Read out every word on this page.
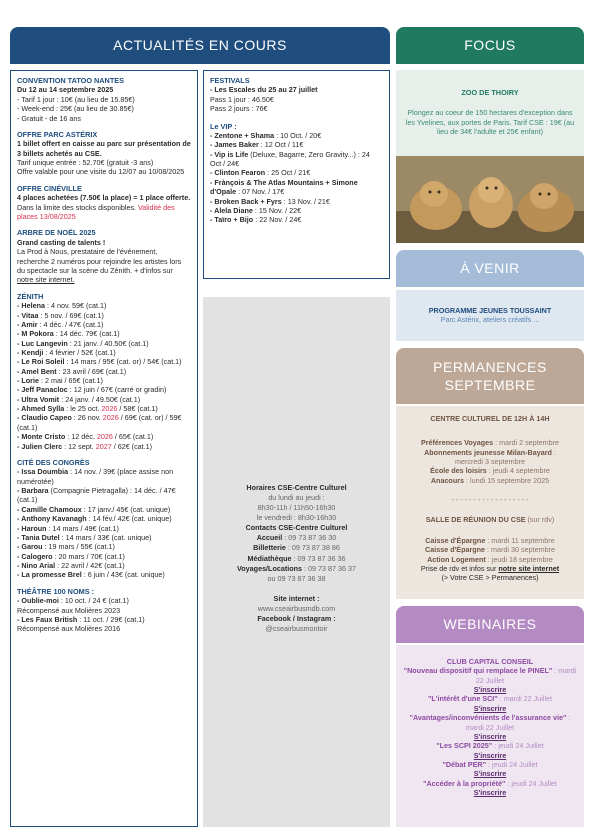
ACTUALITÉS EN COURS	FOCUS
CONVENTION TATOO NANTES
Du 12 au 14 septembre 2025
- Tarif 1 jour : 10€ (au lieu de 15.85€)
- Week-end : 25€ (au lieu de 30.85€)
- Gratuit - de 16 ans
OFFRE PARC ASTÉRIX
1 billet offert en caisse au parc sur présentation de 3 billets achetés au CSE.
Tarif unique entrée : 52.70€ (gratuit -3 ans)
Offre valable pour une visite du 12/07 au 10/08/2025
OFFRE CINÉVILLE
4 places achetées (7.50€ la place) = 1 place offerte. Dans la limite des stocks disponibles. Validité des places 13/08/2025
ARBRE DE NOËL 2025
Grand casting de talents !
La Prod à Nous, prestataire de l'événement, recherche 2 numéros pour rejoindre les artistes lors du spectacle sur la scène du Zénith. + d'infos sur notre site internet.
ZÉNITH
- Helena : 4 nov. 59€ (cat.1)
- Vitaa : 5 nov. / 69€ (cat.1)
- Amir : 4 déc. / 47€ (cat.1)
- M Pokora : 14 déc. 79€ (cat.1)
- Luc Langevin : 21 janv. / 40.50€ (cat.1)
- Kendji : 4 février / 52€ (cat.1)
- Le Roi Soleil : 14 mars / 95€ (cat. or) / 54€ (cat.1)
- Amel Bent : 23 avril / 69€ (cat.1)
- Lorie : 2 mai / 65€ (cat.1)
- Jeff Panacloc : 12 juin / 67€ (carré or gradin)
- Ultra Vomit : 24 janv. / 49.50€ (cat.1)
- Ahmed Sylla : le 25 oct. 2026 / 58€ (cat.1)
- Claudio Capeo : 26 nov. 2026 / 69€ (cat. or) / 59€ (cat.1)
- Monte Cristo : 12 déc. 2026 / 65€ (cat.1)
- Julien Clerc : 12 sept. 2027 / 62€ (cat.1)
CITÉ DES CONGRÈS
- Issa Doumbia : 14 nov. / 39€ (place assise non numérotée)
- Barbara (Compagnie Pietragalla) : 14 déc. / 47€ (cat.1)
- Camille Chamoux : 17 janv./ 45€ (cat. unique)
- Anthony Kavanagh : 14 fév./ 42€ (cat. unique)
- Haroun : 14 mars / 49€ (cat.1)
- Tania Dutel : 14 mars / 33€ (cat. unique)
- Garou : 19 mars / 55€ (cat.1)
- Calogero : 20 mars / 70€ (cat.1)
- Nino Arial : 22 avril / 42€ (cat.1)
- La promesse Brel : 6 juin / 43€ (cat. unique)
THÉÂTRE 100 NOMS :
- Oublie-moi : 10 oct. / 24 € (cat.1)
Récompensé aux Molières 2023
- Les Faux British : 11 oct. / 29€ (cat.1)
Récompensé aux Molières 2016
FESTIVALS
- Les Escales du 25 au 27 juillet
Pass 1 jour : 46.50€
Pass 2 jours : 76€
Le VIP :
- Zentone + Shama : 10 Oct. / 20€
- James Baker : 12 Oct / 11€
- Vip is Life (Deluxe, Bagarre, Zero Gravity...) : 24 Oct / 24€
- Clinton Fearon : 25 Oct / 21€
- Frànçois & The Atlas Mountains + Simone d'Opale : 07 Nov. / 17€
- Broken Back + Fyrs : 13 Nov. / 21€
- Alela Diane : 15 Nov. / 22€
- Taïro + Bijo : 22 Nov. / 24€
Horaires CSE-Centre Culturel
du lundi au jeudi :
8h30-11h / 11h50-16h30
le vendredi : 8h30-16h30
Contacts CSE-Centre Culturel
Accueil : 09 73 87 36 30
Billetterie : 09 73 87 38 86
Médiathèque : 09 73 87 36 36
Voyages/Locations : 09 73 87 36 37
ou 09 73 87 36 38
Site internet :
www.cseairbusmdb.com
Facebook / Instagram :
@cseairbusmontoir
ZOO DE THOIRY
Plongez au coeur de 150 hectares d'exception dans les Yvelines, aux portes de Paris. Tarif CSE : 19€ (au lieu de 34€ l'adulte et 25€ enfant)
À VENIR
PROGRAMME JEUNES TOUSSAINT
Parc Astérix, ateliers créatifs ...
PERMANENCES
SEPTEMBRE
CENTRE CULTUREL DE 12H À 14H
Préférences Voyages : mardi 2 septembre
Abonnements jeunesse Milan-Bayard :
mercredi 3 septembre
École des loisirs : jeudi 4 septembre
Anacours : lundi 15 septembre 2025
- - - - - - - - - - - - - - - - - -
SALLE DE RÉUNION DU CSE (sur rdv)
Caisse d'Épargne : mardi 11 septembre
Caisse d'Épargne : mardi 30 septembre
Action Logement : jeudi 18 septembre
Prise de rdv et infos sur notre site internet
(> Votre CSE > Permanences)
WEBINAIRES
CLUB CAPITAL CONSEIL
"Nouveau dispositif qui remplace le PINEL" : mardi 22 Juillet
S'inscrire
"L'intérêt d'une SCI" : mardi 22 Juillet
S'inscrire
"Avantages/inconvénients de l'assurance vie" : mardi 22 Juillet
S'inscrire
"Les SCPI 2025" : jeudi 24 Juillet
S'inscrire
"Débat PER" : jeudi 24 Juillet
S'inscrire
"Accéder à la propriété" : jeudi 24 Juillet
S'inscrire
